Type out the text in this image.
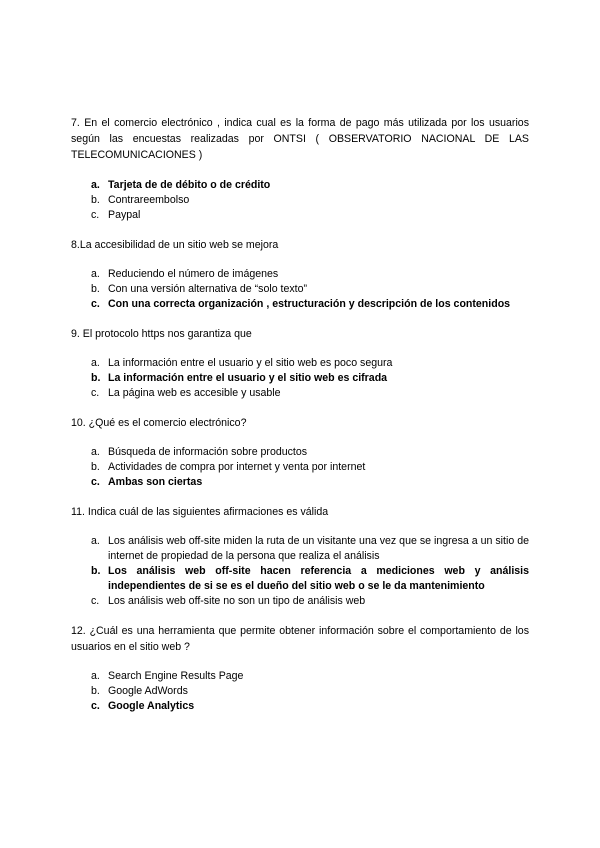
7. En el comercio electrónico , indica cual es la forma de pago más utilizada por los usuarios según las encuestas realizadas por ONTSI ( OBSERVATORIO NACIONAL DE LAS TELECOMUNICACIONES )

a. Tarjeta de de débito o de crédito
b. Contrareembolso
c. Paypal

8.La accesibilidad de un sitio web se mejora

a. Reduciendo el número de imágenes
b. Con una versión alternativa de “solo texto”
c. Con una correcta organización , estructuración y descripción de los contenidos

9. El protocolo https nos garantiza que

a. La información entre el usuario y el sitio web es poco segura
b. La información entre el usuario y el sitio web es cifrada
c. La página web es accesible y usable

10. ¿Qué es el comercio electrónico?

a. Búsqueda de información sobre productos
b. Actividades de compra por internet y venta por internet
c. Ambas son ciertas

11. Indica cuál de las siguientes afirmaciones es válida

a. Los análisis web off-site miden la ruta de un visitante una vez que se ingresa a un sitio de internet de propiedad de la persona que realiza el análisis
b. Los análisis web off-site hacen referencia a mediciones web y análisis independientes de si se es el dueño del sitio web o se le da mantenimiento
c. Los análisis web off-site no son un tipo de análisis web

12. ¿Cuál es una herramienta que permite obtener información sobre el comportamiento de los usuarios en el sitio web ?

a. Search Engine Results Page
b. Google AdWords
c. Google Analytics
